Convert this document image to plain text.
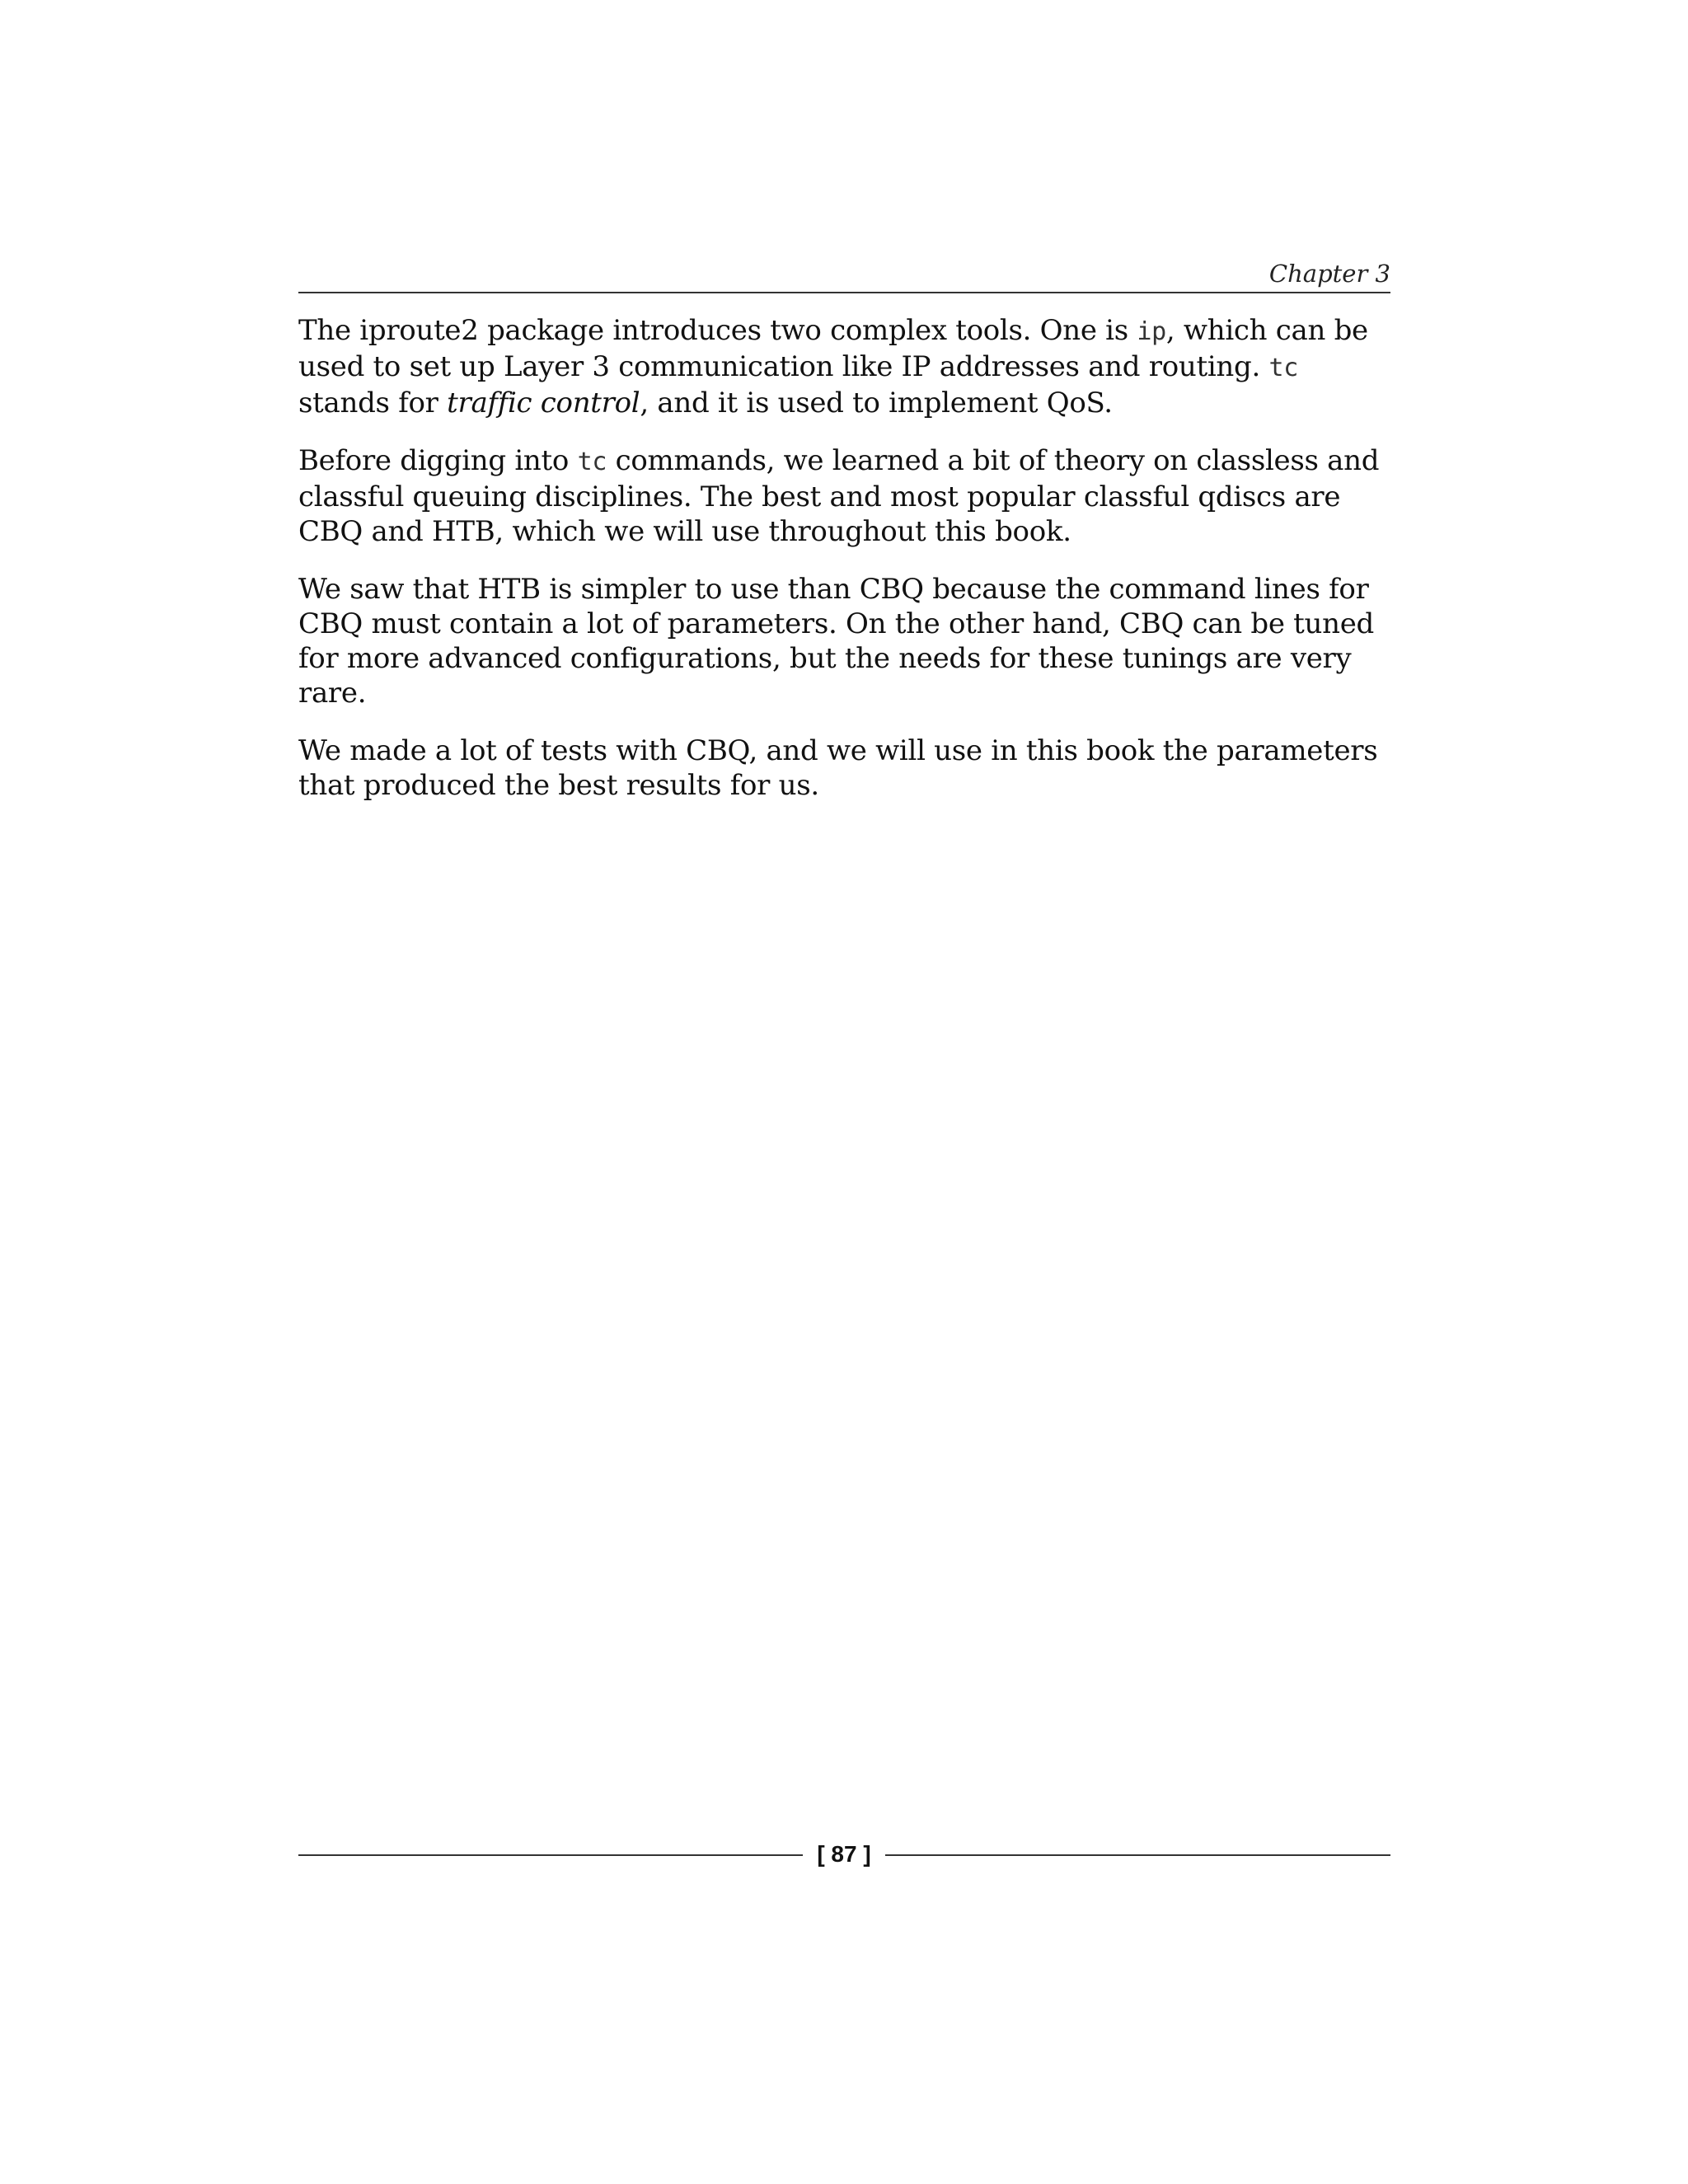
Chapter 3

The iproute2 package introduces two complex tools. One is ip, which can be used to set up Layer 3 communication like IP addresses and routing. tc stands for traffic control, and it is used to implement QoS.

Before digging into tc commands, we learned a bit of theory on classless and classful queuing disciplines. The best and most popular classful qdiscs are CBQ and HTB, which we will use throughout this book.

We saw that HTB is simpler to use than CBQ because the command lines for CBQ must contain a lot of parameters. On the other hand, CBQ can be tuned for more advanced configurations, but the needs for these tunings are very rare.

We made a lot of tests with CBQ, and we will use in this book the parameters that produced the best results for us.

[ 87 ]
